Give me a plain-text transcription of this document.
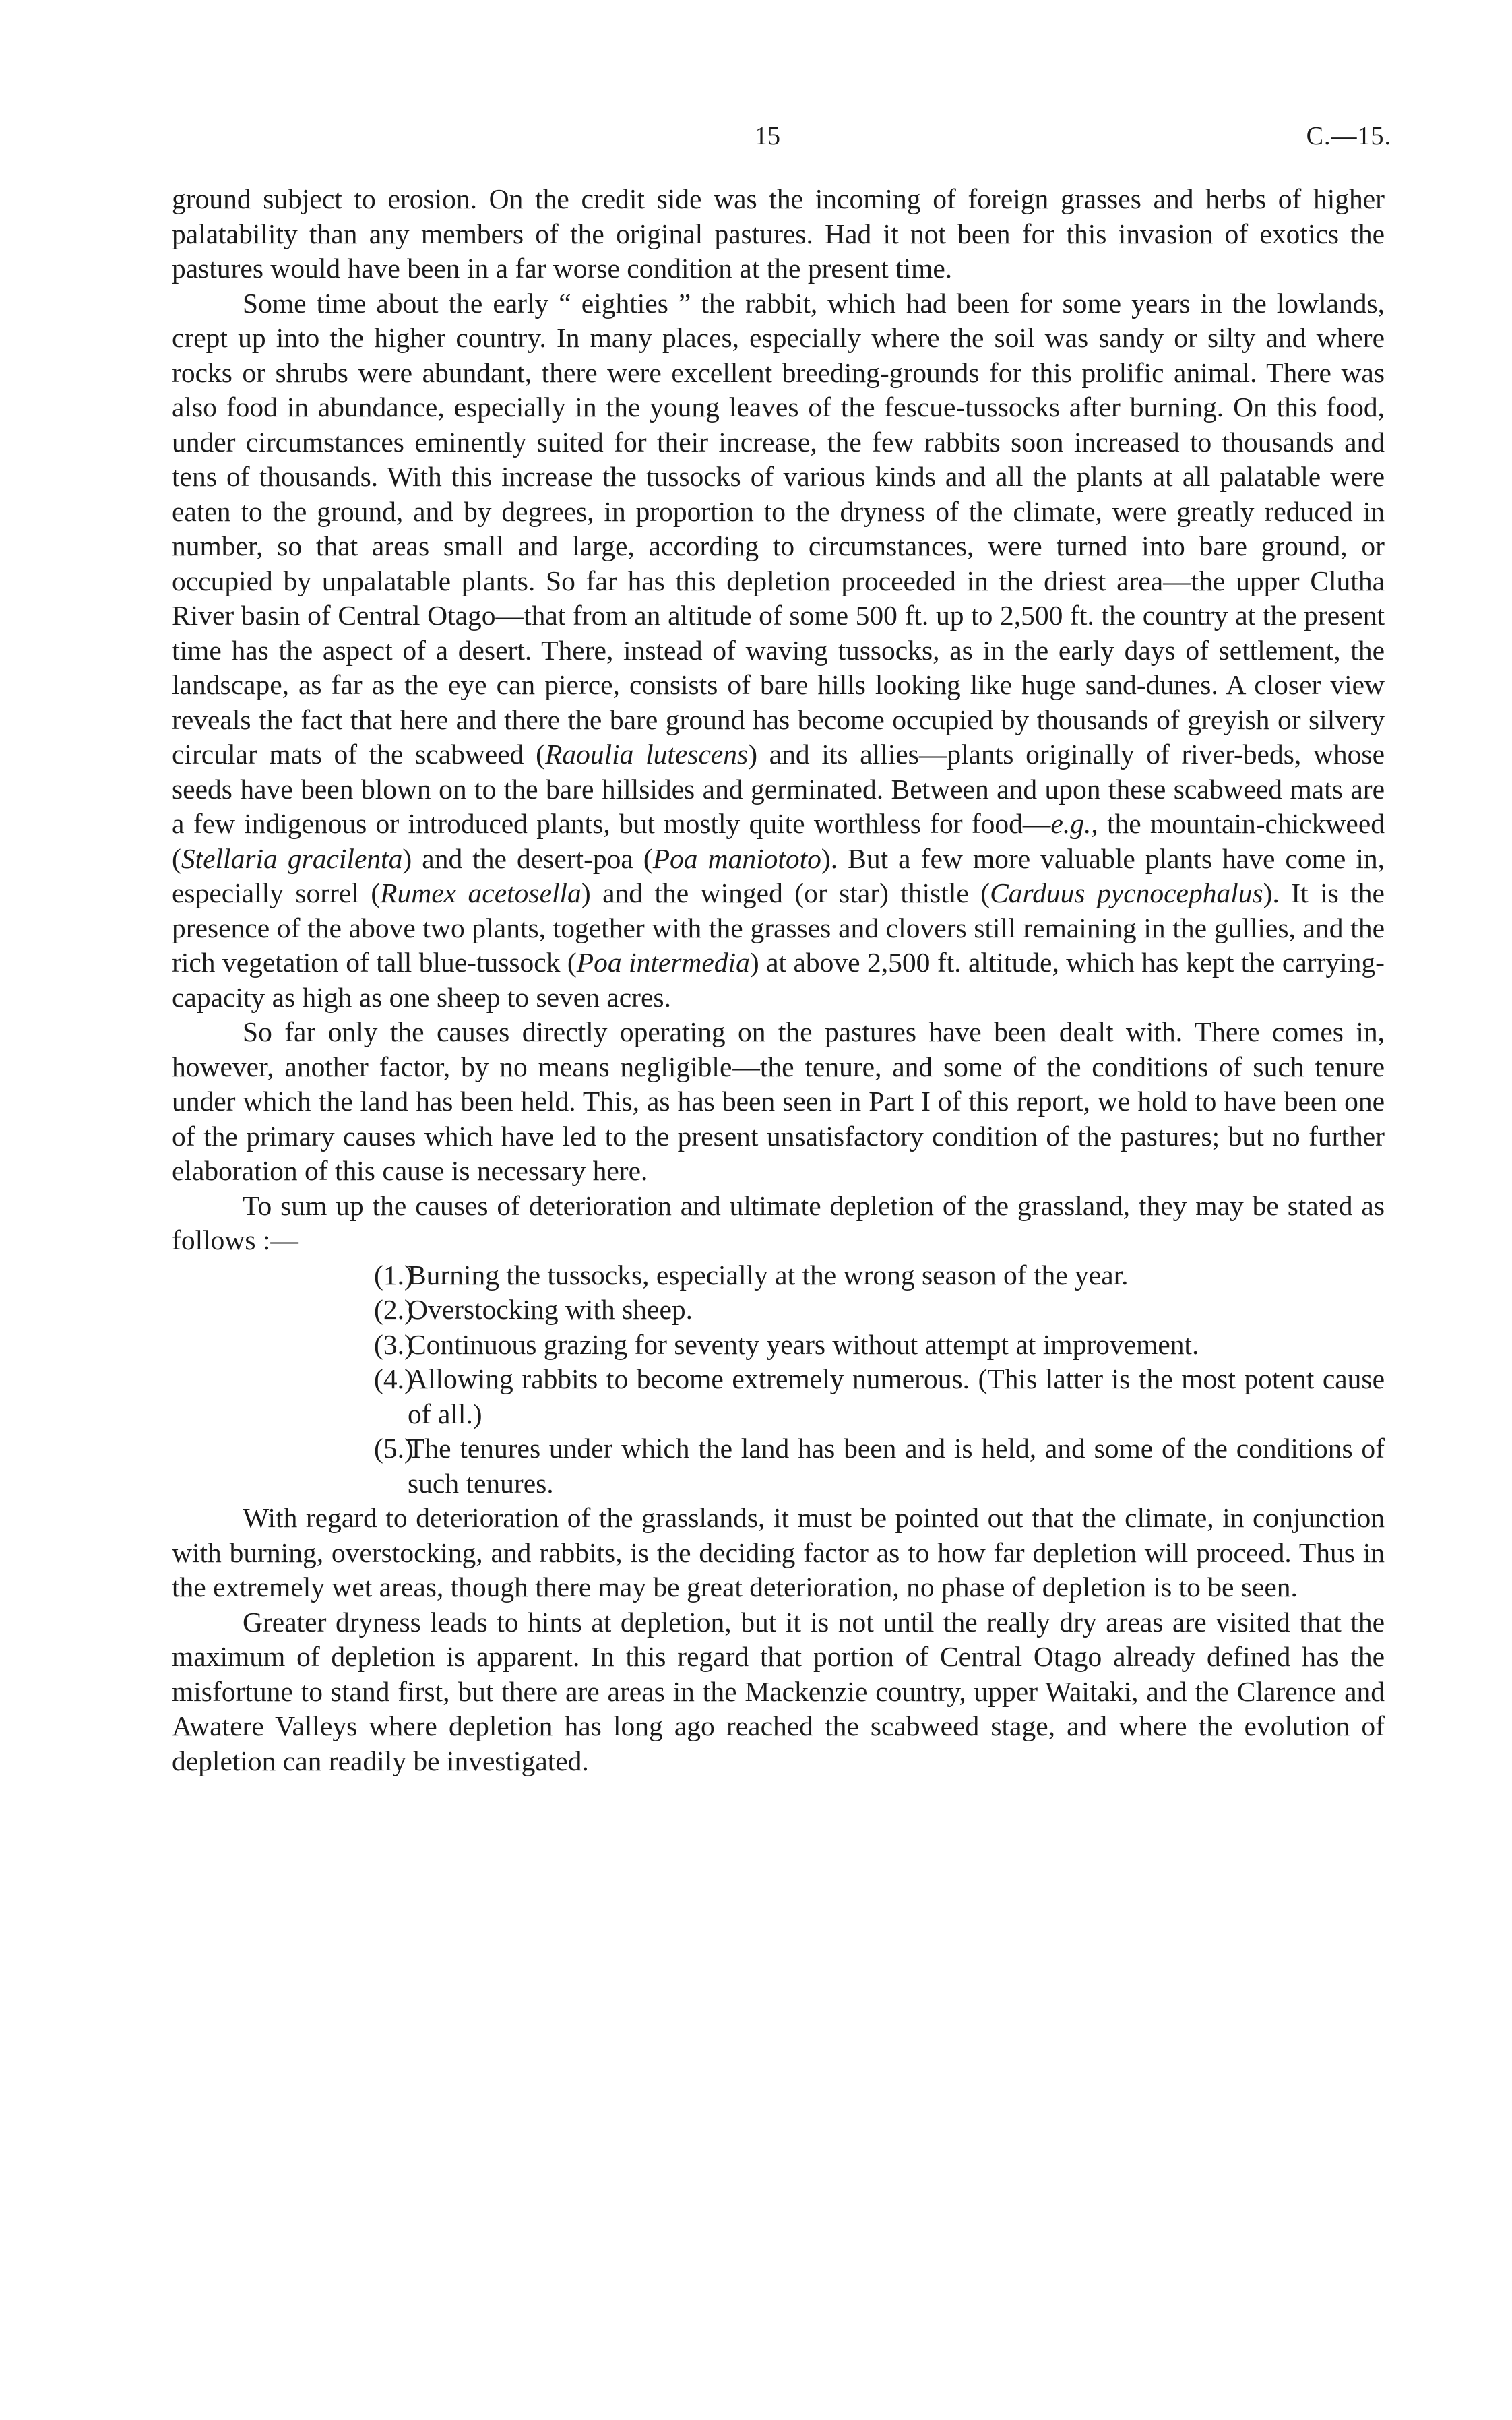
15	C.—15.

ground subject to erosion. On the credit side was the incoming of foreign grasses and herbs of higher palatability than any members of the original pastures. Had it not been for this invasion of exotics the pastures would have been in a far worse condition at the present time.

Some time about the early “ eighties ” the rabbit, which had been for some years in the lowlands, crept up into the higher country. In many places, especially where the soil was sandy or silty and where rocks or shrubs were abundant, there were excellent breeding-grounds for this prolific animal. There was also food in abundance, especially in the young leaves of the fescue-tussocks after burning. On this food, under circumstances eminently suited for their increase, the few rabbits soon increased to thousands and tens of thousands. With this increase the tussocks of various kinds and all the plants at all palatable were eaten to the ground, and by degrees, in proportion to the dryness of the climate, were greatly reduced in number, so that areas small and large, according to circumstances, were turned into bare ground, or occupied by unpalatable plants. So far has this depletion proceeded in the driest area—the upper Clutha River basin of Central Otago—that from an altitude of some 500 ft. up to 2,500 ft. the country at the present time has the aspect of a desert. There, instead of waving tussocks, as in the early days of settlement, the landscape, as far as the eye can pierce, consists of bare hills looking like huge sand-dunes. A closer view reveals the fact that here and there the bare ground has become occupied by thousands of greyish or silvery circular mats of the scabweed (Raoulia lutescens) and its allies—plants originally of river-beds, whose seeds have been blown on to the bare hillsides and germinated. Between and upon these scabweed mats are a few indigenous or introduced plants, but mostly quite worthless for food—e.g., the mountain-chickweed (Stellaria gracilenta) and the desert-poa (Poa maniototo). But a few more valuable plants have come in, especially sorrel (Rumex acetosella) and the winged (or star) thistle (Carduus pycnocephalus). It is the presence of the above two plants, together with the grasses and clovers still remaining in the gullies, and the rich vegetation of tall blue-tussock (Poa intermedia) at above 2,500 ft. altitude, which has kept the carrying-capacity as high as one sheep to seven acres.

So far only the causes directly operating on the pastures have been dealt with. There comes in, however, another factor, by no means negligible—the tenure, and some of the conditions of such tenure under which the land has been held. This, as has been seen in Part I of this report, we hold to have been one of the primary causes which have led to the present unsatisfactory condition of the pastures; but no further elaboration of this cause is necessary here.

To sum up the causes of deterioration and ultimate depletion of the grassland, they may be stated as follows :—

(1.)Burning the tussocks, especially at the wrong season of the year.
(2.)Overstocking with sheep.
(3.)Continuous grazing for seventy years without attempt at improvement.
(4.)Allowing rabbits to become extremely numerous. (This latter is the most potent cause of all.)
(5.)The tenures under which the land has been and is held, and some of the conditions of such tenures.

With regard to deterioration of the grasslands, it must be pointed out that the climate, in conjunction with burning, overstocking, and rabbits, is the deciding factor as to how far depletion will proceed. Thus in the extremely wet areas, though there may be great deterioration, no phase of depletion is to be seen.

Greater dryness leads to hints at depletion, but it is not until the really dry areas are visited that the maximum of depletion is apparent. In this regard that portion of Central Otago already defined has the misfortune to stand first, but there are areas in the Mackenzie country, upper Waitaki, and the Clarence and Awatere Valleys where depletion has long ago reached the scabweed stage, and where the evolution of depletion can readily be investigated.
